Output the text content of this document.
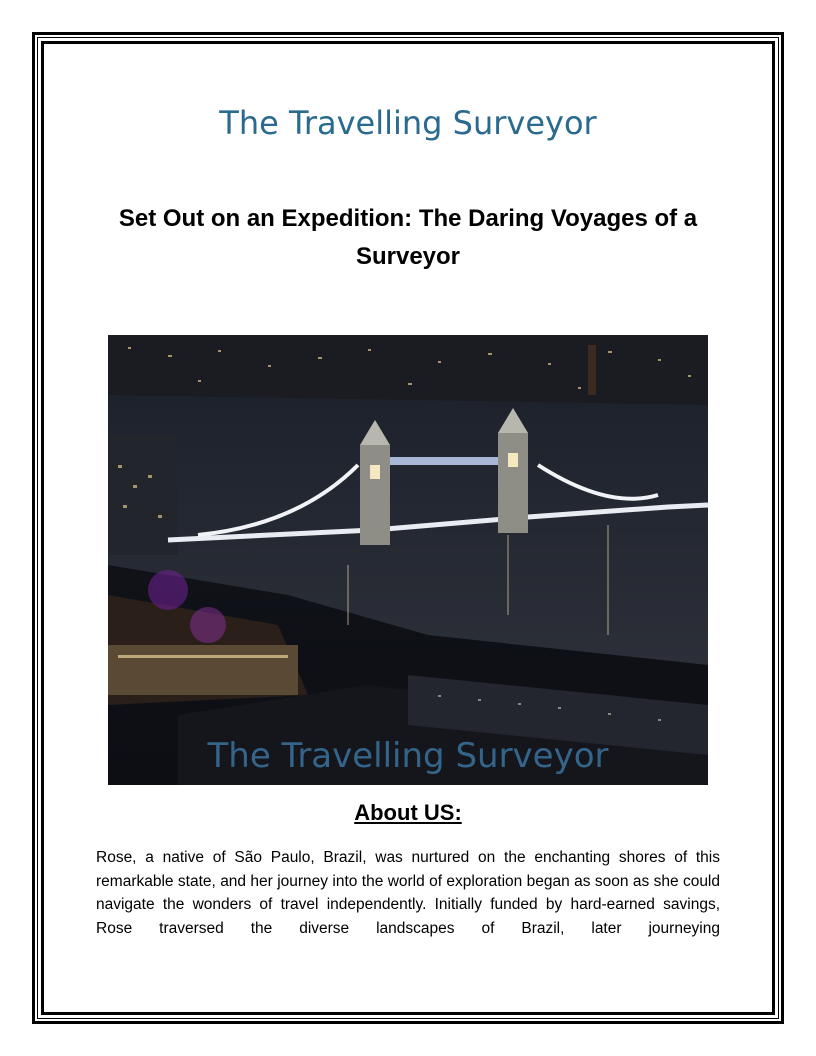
The Travelling Surveyor
Set Out on an Expedition: The Daring Voyages of a Surveyor
The Travelling Surveyor
About US:

Rose, a native of São Paulo, Brazil, was nurtured on the enchanting shores of this remarkable state, and her journey into the world of exploration began as soon as she could navigate the wonders of travel independently. Initially funded by hard-earned savings, Rose traversed the diverse landscapes of Brazil, later journeying
